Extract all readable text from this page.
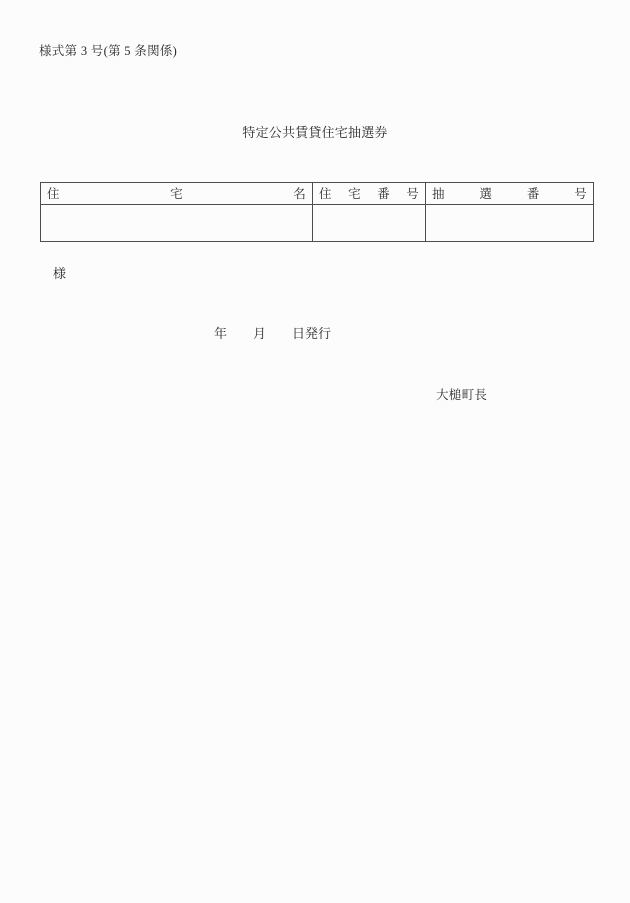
様式第 3 号(第 5 条関係)
特定公共賃貸住宅抽選券
住宅名	住宅番号	抽選番号

様
年　　月　　日発行
大槌町長
